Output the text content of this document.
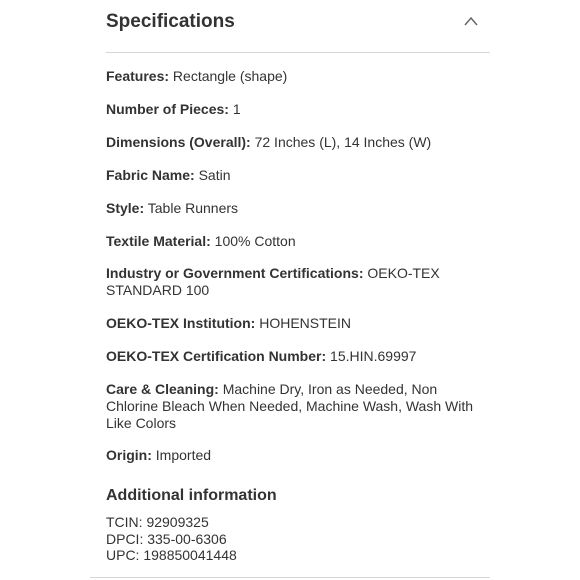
Specifications
Features: Rectangle (shape)
Number of Pieces: 1
Dimensions (Overall): 72 Inches (L), 14 Inches (W)
Fabric Name: Satin
Style: Table Runners
Textile Material: 100% Cotton
Industry or Government Certifications: OEKO-TEX STANDARD 100
OEKO-TEX Institution: HOHENSTEIN
OEKO-TEX Certification Number: 15.HIN.69997
Care & Cleaning: Machine Dry, Iron as Needed, Non Chlorine Bleach When Needed, Machine Wash, Wash With Like Colors
Origin: Imported
Additional information
TCIN: 92909325
DPCI: 335-00-6306
UPC: 198850041448
